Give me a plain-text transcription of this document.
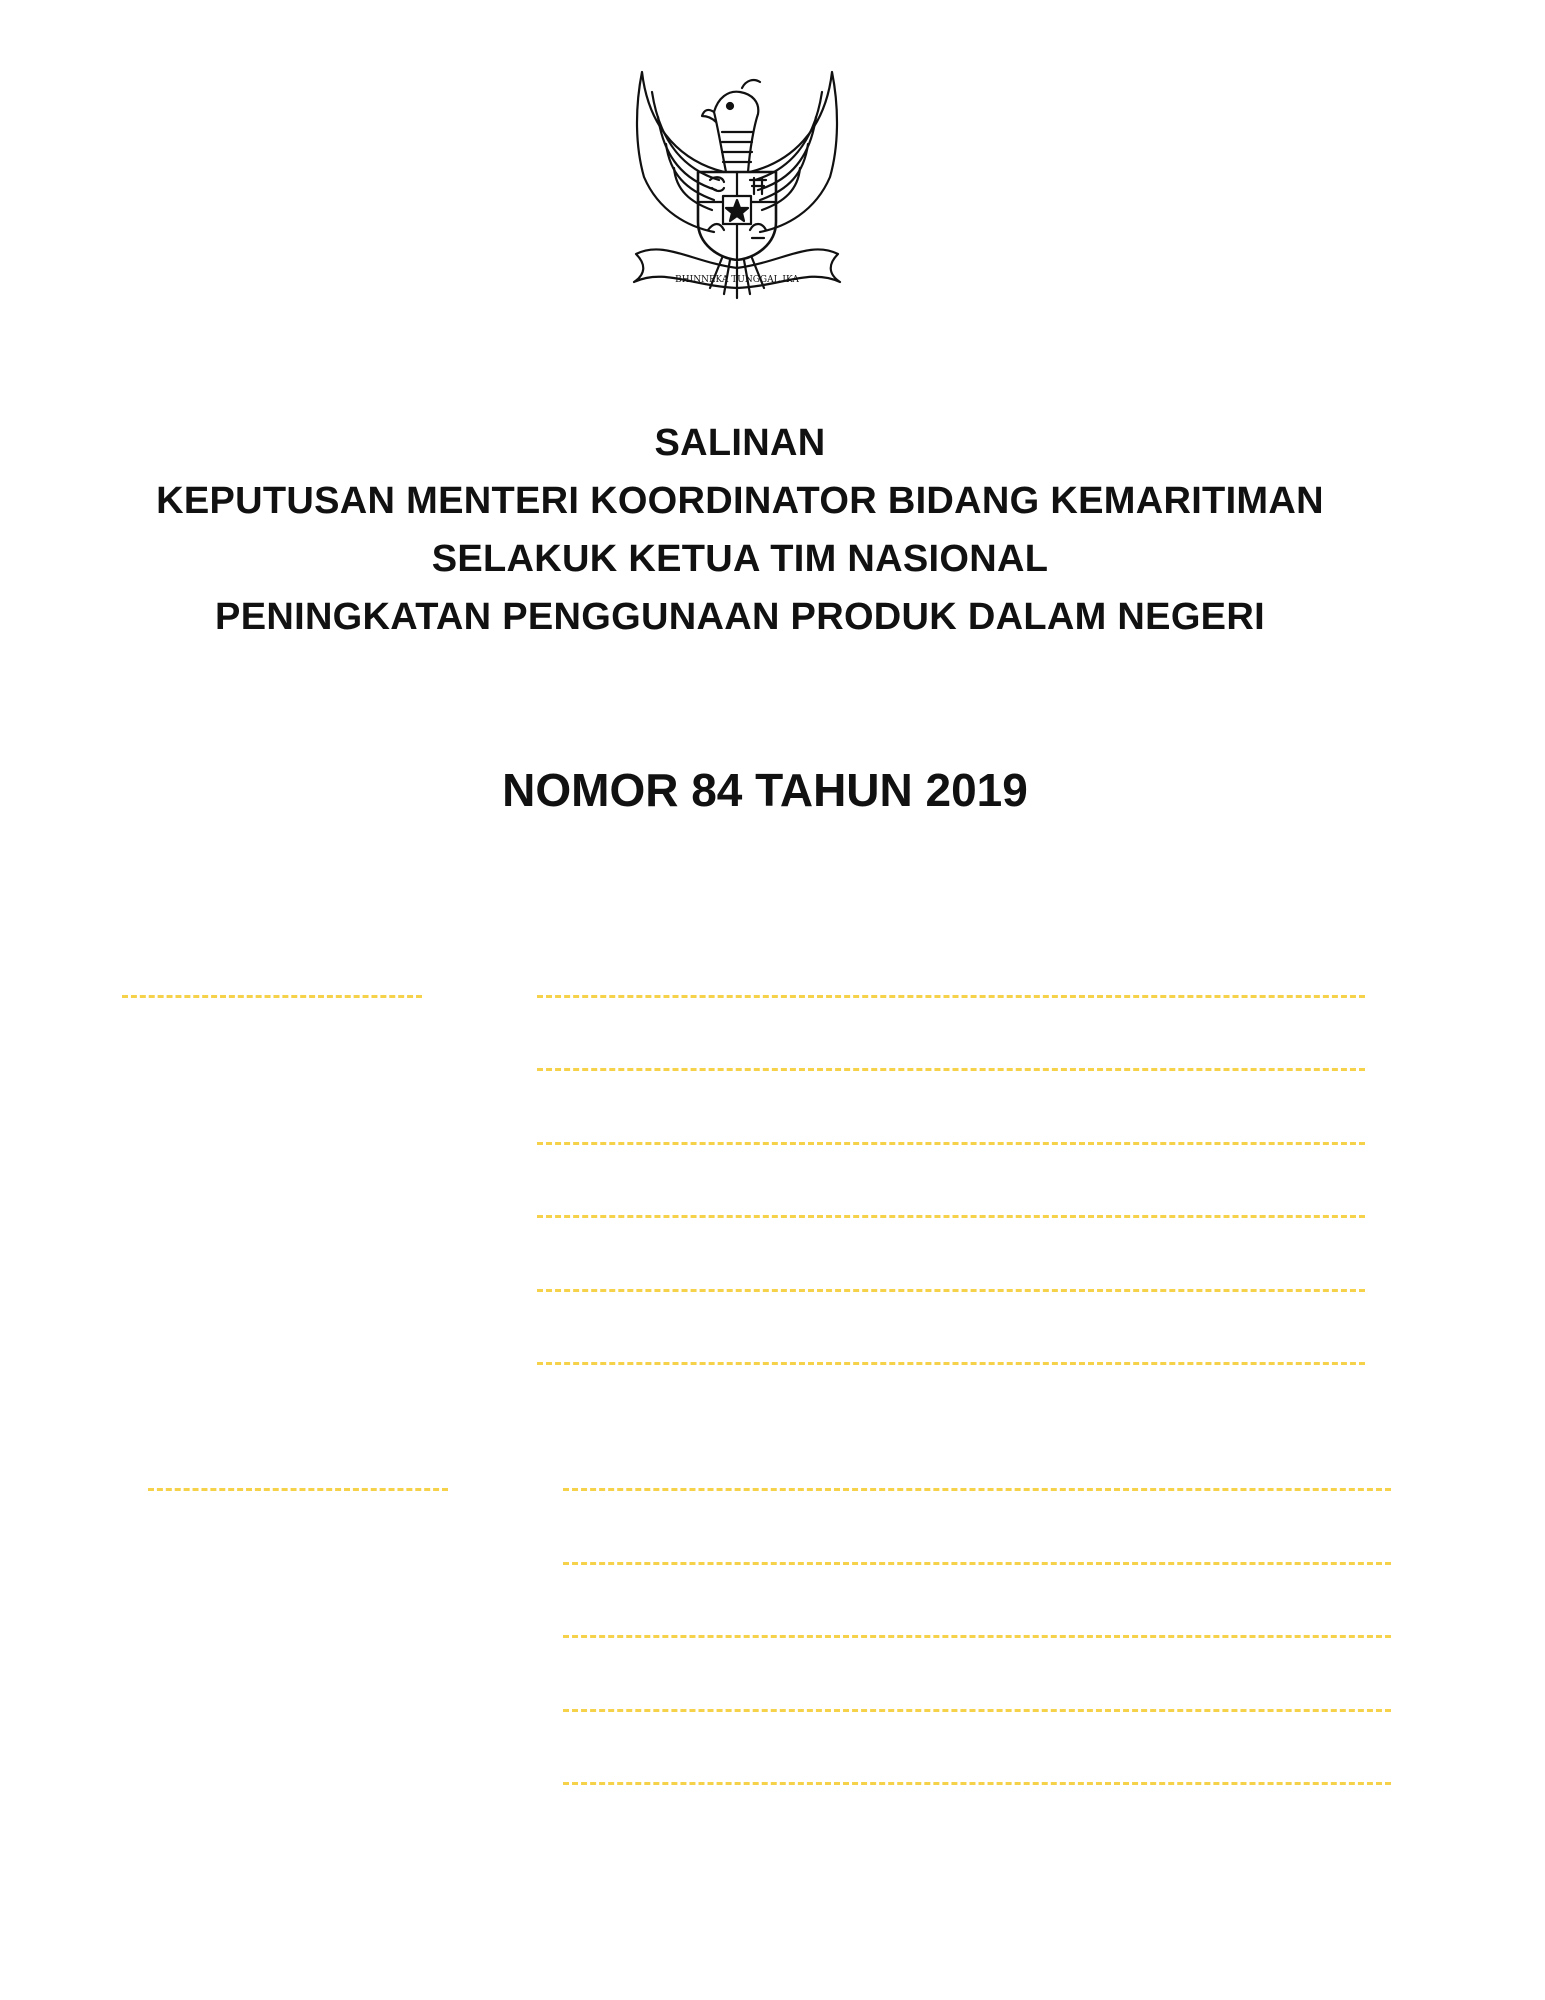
BHINNEKA TUNGGAL IKA
SALINAN
KEPUTUSAN MENTERI KOORDINATOR BIDANG KEMARITIMAN
SELAKUK KETUA TIM NASIONAL
PENINGKATAN PENGGUNAAN PRODUK DALAM NEGERI
NOMOR 84 TAHUN 2019
